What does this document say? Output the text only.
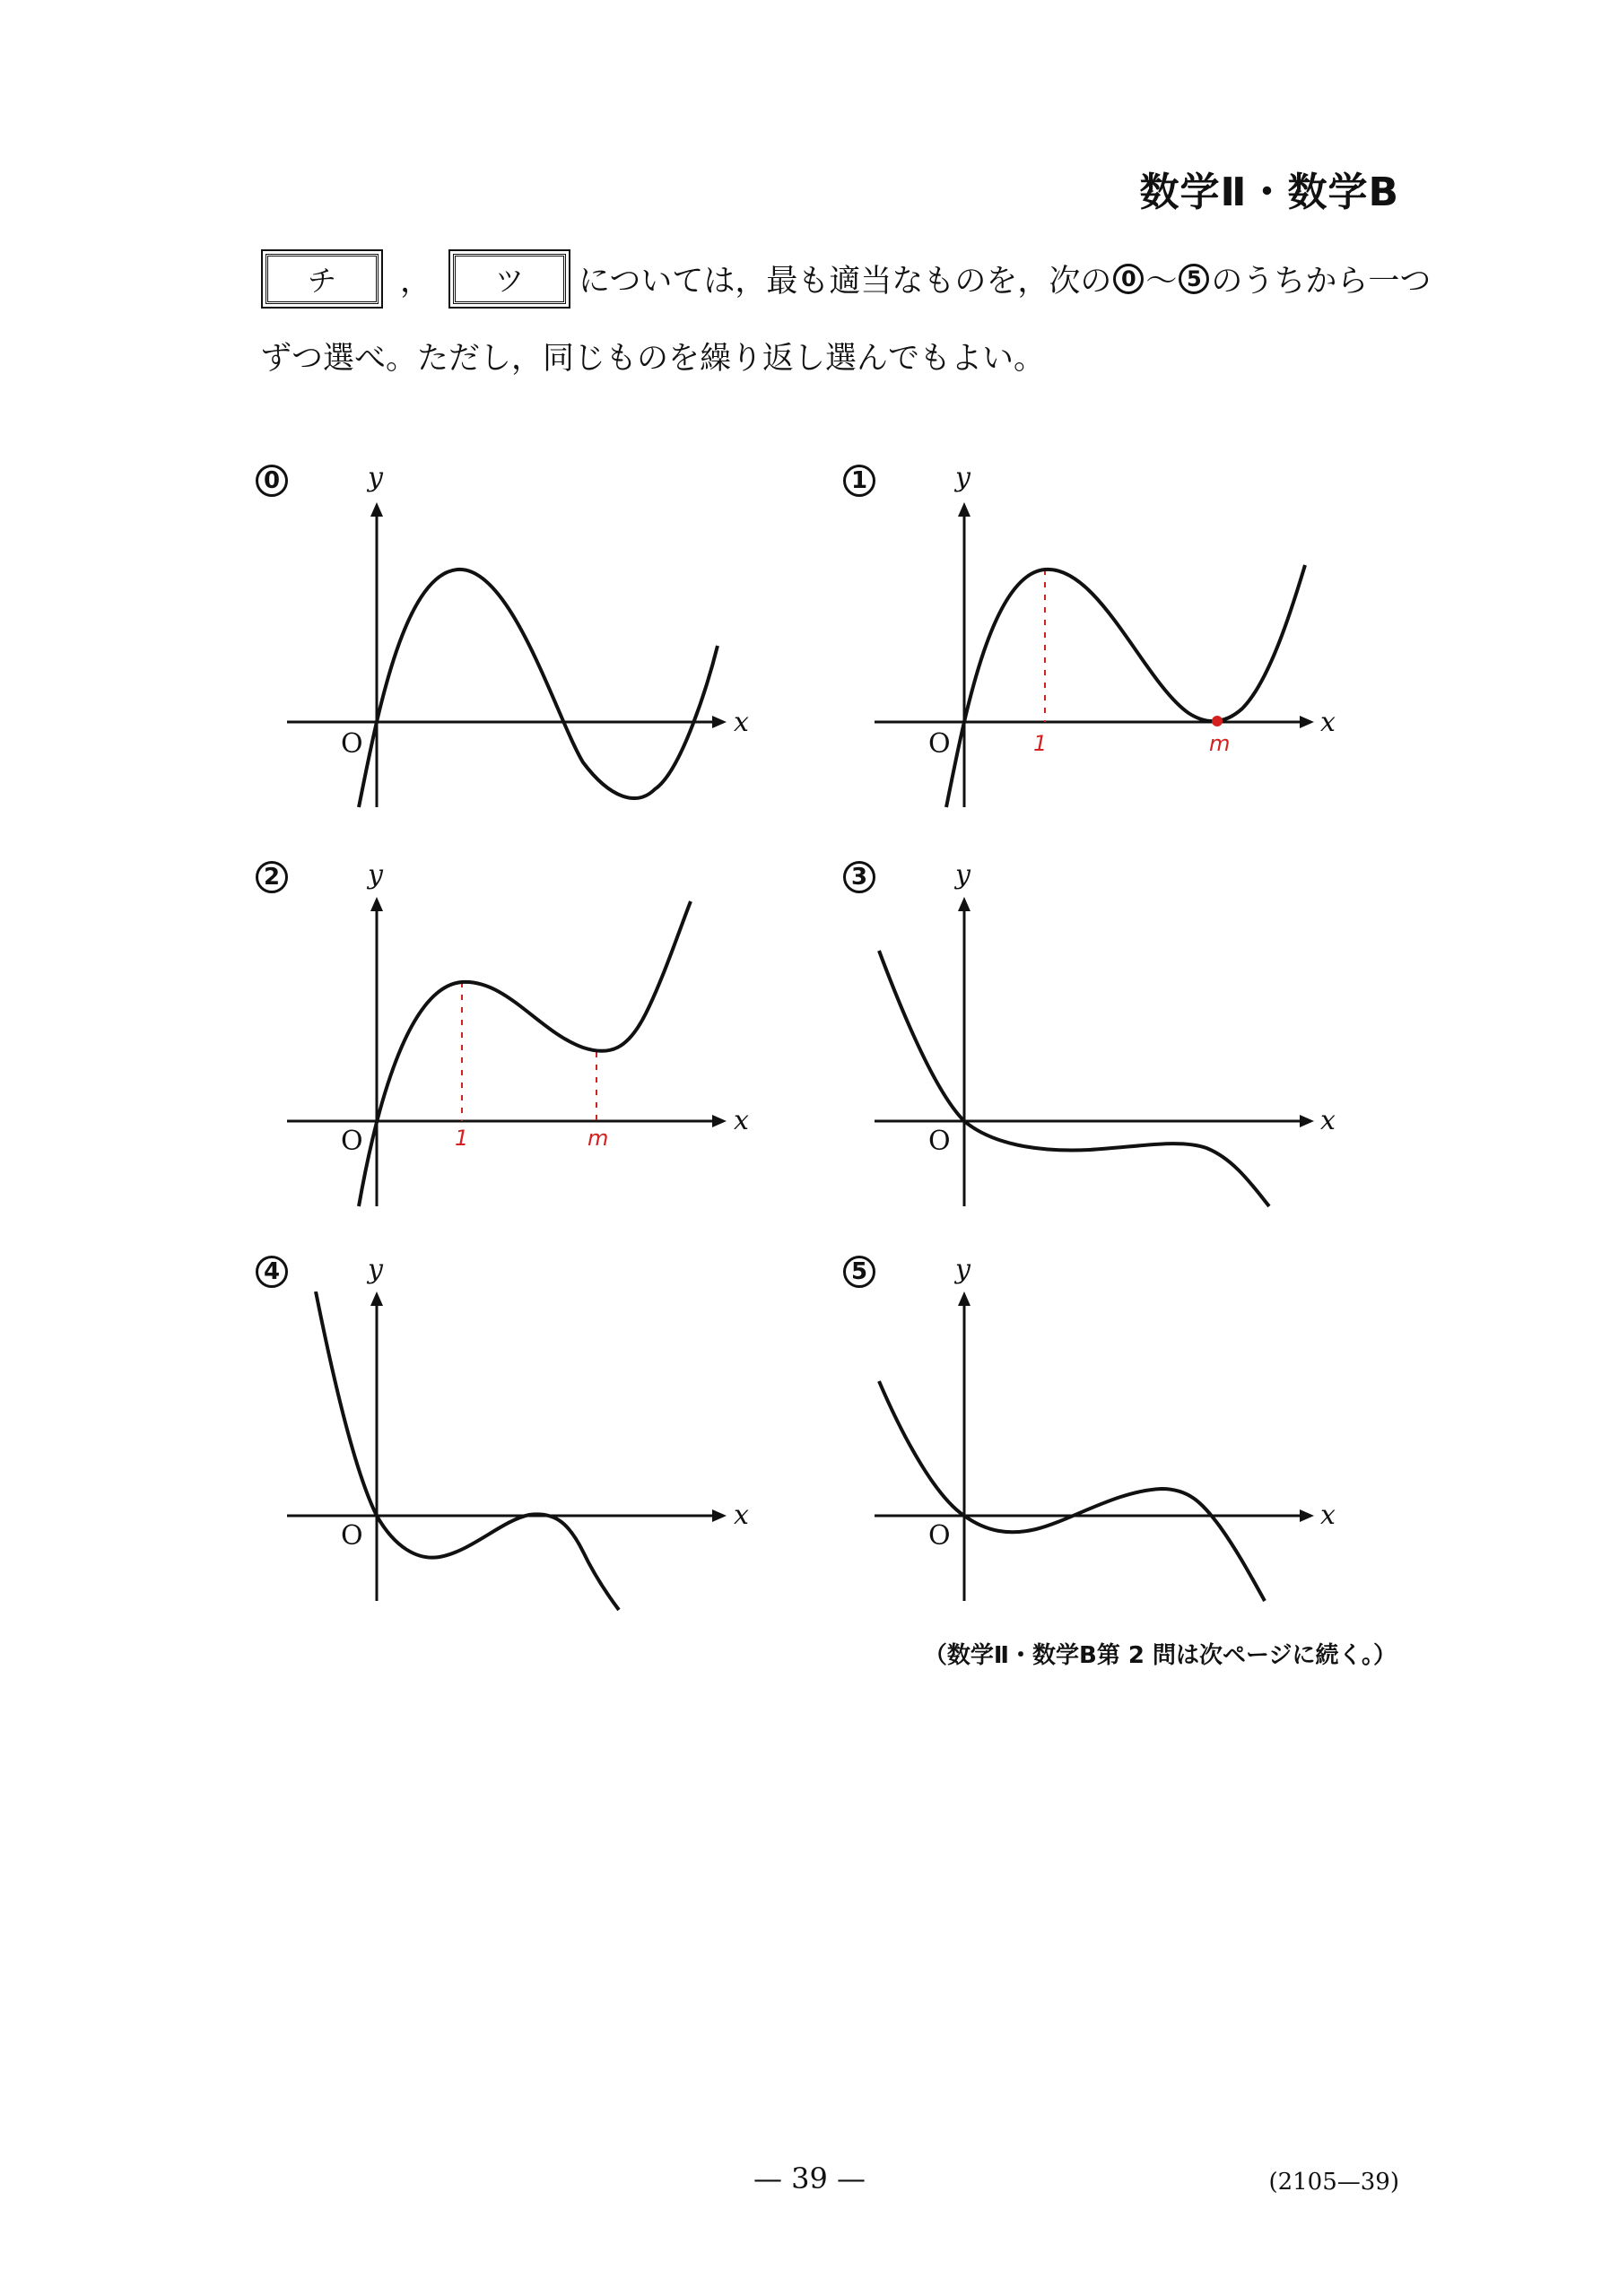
数学Ⅱ・数学B
チ	，	ツ	については，最も適当なものを，次の 0 ～ 5 のうちから一つ
ずつ選べ。ただし，同じものを繰り返し選んでもよい。
0	y
x
O
1	y
x
O	1	m
2	y
x
O	1	m
3	y
x
O
4	y
x
O
5	y
x
O
（数学Ⅱ・数学B第 2 問は次ページに続く。）
— 39 —	(2105—39)
